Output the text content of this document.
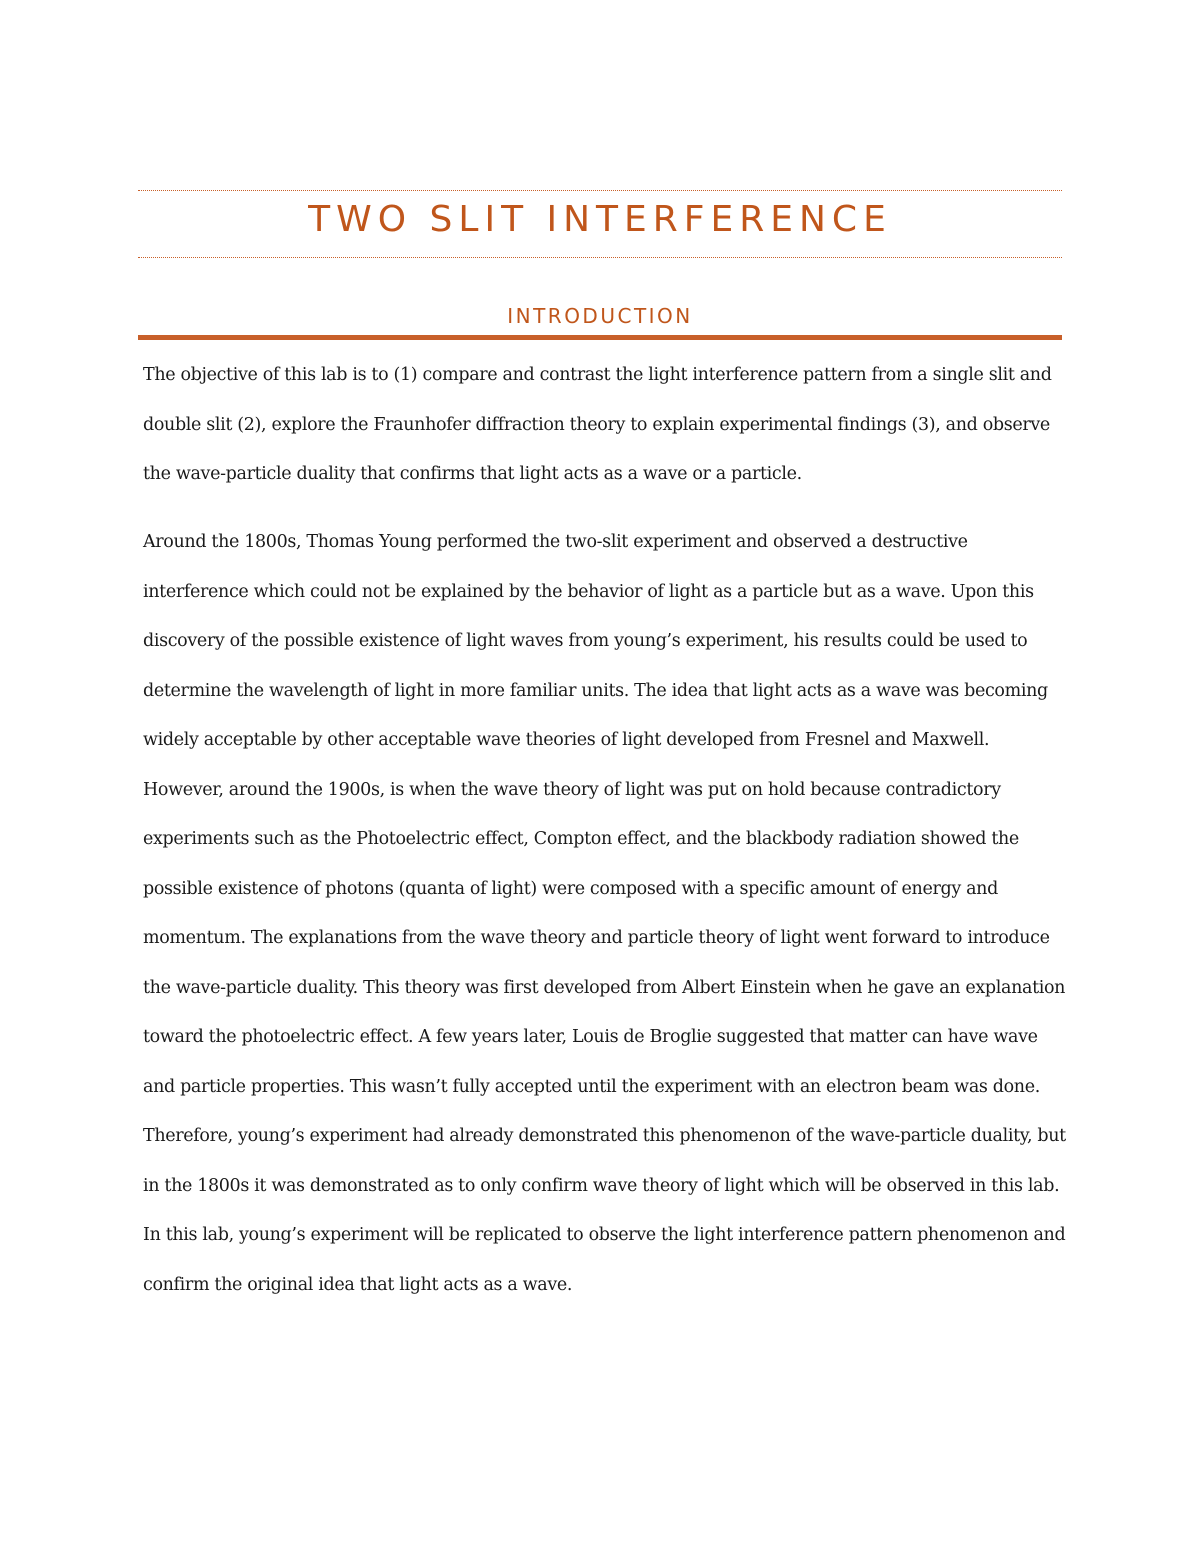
TWO SLIT INTERFERENCE
INTRODUCTION

The objective of this lab is to (1) compare and contrast the light interference pattern from a single slit and double slit (2), explore the Fraunhofer diffraction theory to explain experimental findings (3), and observe the wave-particle duality that confirms that light acts as a wave or a particle.

Around the 1800s, Thomas Young performed the two-slit experiment and observed a destructive interference which could not be explained by the behavior of light as a particle but as a wave. Upon this discovery of the possible existence of light waves from young’s experiment, his results could be used to determine the wavelength of light in more familiar units. The idea that light acts as a wave was becoming widely acceptable by other acceptable wave theories of light developed from Fresnel and Maxwell. However, around the 1900s, is when the wave theory of light was put on hold because contradictory experiments such as the Photoelectric effect, Compton effect, and the blackbody radiation showed the possible existence of photons (quanta of light) were composed with a specific amount of energy and momentum. The explanations from the wave theory and particle theory of light went forward to introduce the wave-particle duality. This theory was first developed from Albert Einstein when he gave an explanation toward the photoelectric effect. A few years later, Louis de Broglie suggested that matter can have wave and particle properties. This wasn’t fully accepted until the experiment with an electron beam was done. Therefore, young’s experiment had already demonstrated this phenomenon of the wave-particle duality, but in the 1800s it was demonstrated as to only confirm wave theory of light which will be observed in this lab. In this lab, young’s experiment will be replicated to observe the light interference pattern phenomenon and confirm the original idea that light acts as a wave.
